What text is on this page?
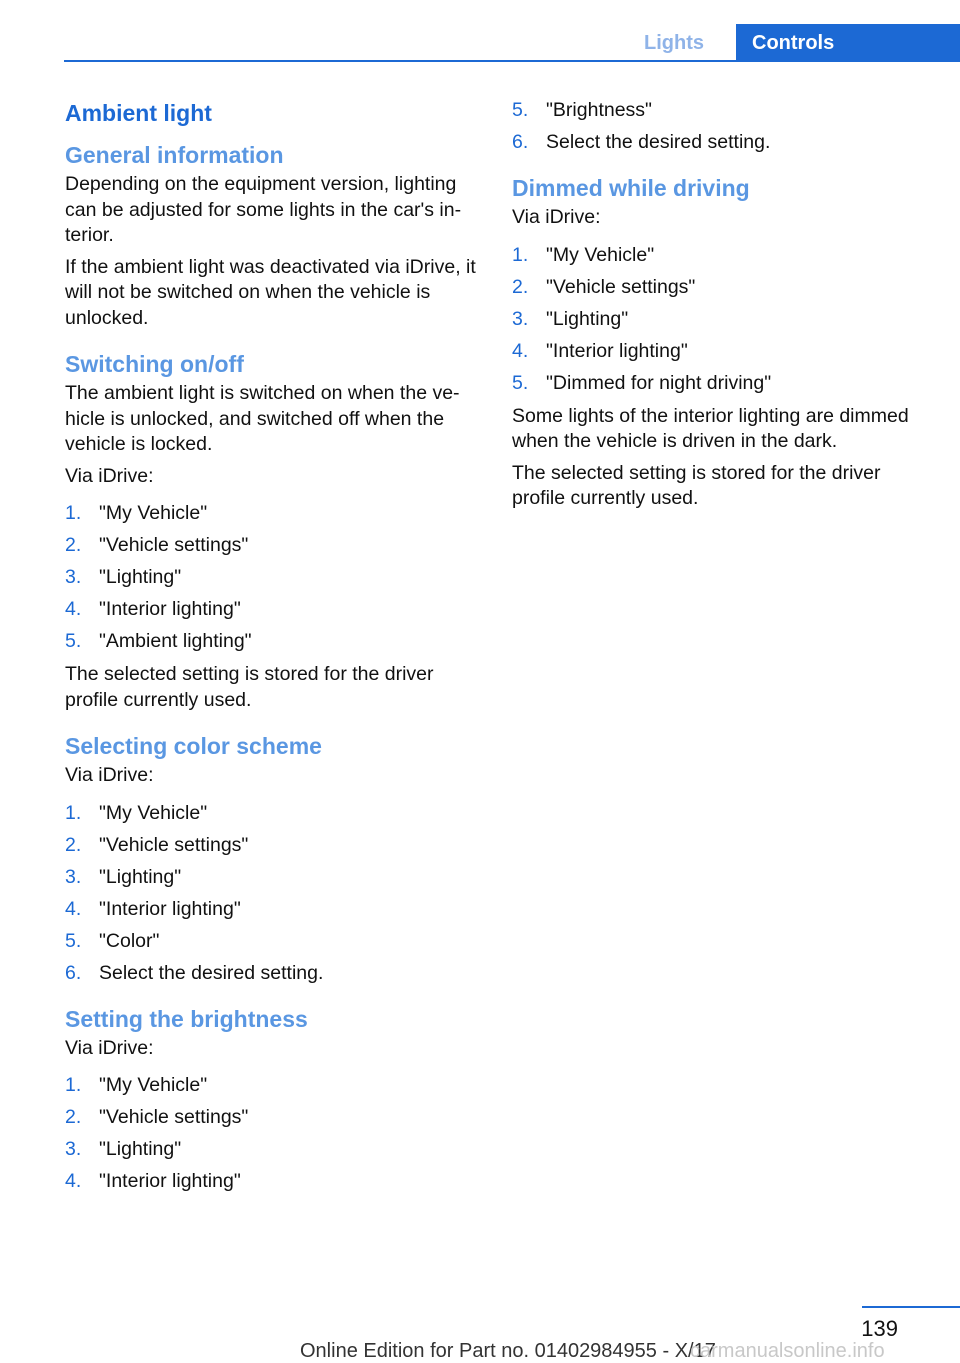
Lights	Controls
Ambient light
General information

Depending on the equipment version, lighting can be adjusted for some lights in the car's in-terior.

If the ambient light was deactivated via iDrive, it will not be switched on when the vehicle is unlocked.

Switching on/off

The ambient light is switched on when the ve-hicle is unlocked, and switched off when the vehicle is locked.

Via iDrive:

1. "My Vehicle"
2. "Vehicle settings"
3. "Lighting"
4. "Interior lighting"
5. "Ambient lighting"

The selected setting is stored for the driver profile currently used.

Selecting color scheme

Via iDrive:

1. "My Vehicle"
2. "Vehicle settings"
3. "Lighting"
4. "Interior lighting"
5. "Color"
6. Select the desired setting.
Setting the brightness

Via iDrive:

1. "My Vehicle"
2. "Vehicle settings"
3. "Lighting"
4. "Interior lighting"
5. "Brightness"
6. Select the desired setting.
Dimmed while driving

Via iDrive:

1. "My Vehicle"
2. "Vehicle settings"
3. "Lighting"
4. "Interior lighting"
5. "Dimmed for night driving"

Some lights of the interior lighting are dimmed when the vehicle is driven in the dark.

The selected setting is stored for the driver profile currently used.

139
Online Edition for Part no. 01402984955 - X/17
carmanualsonline.info
